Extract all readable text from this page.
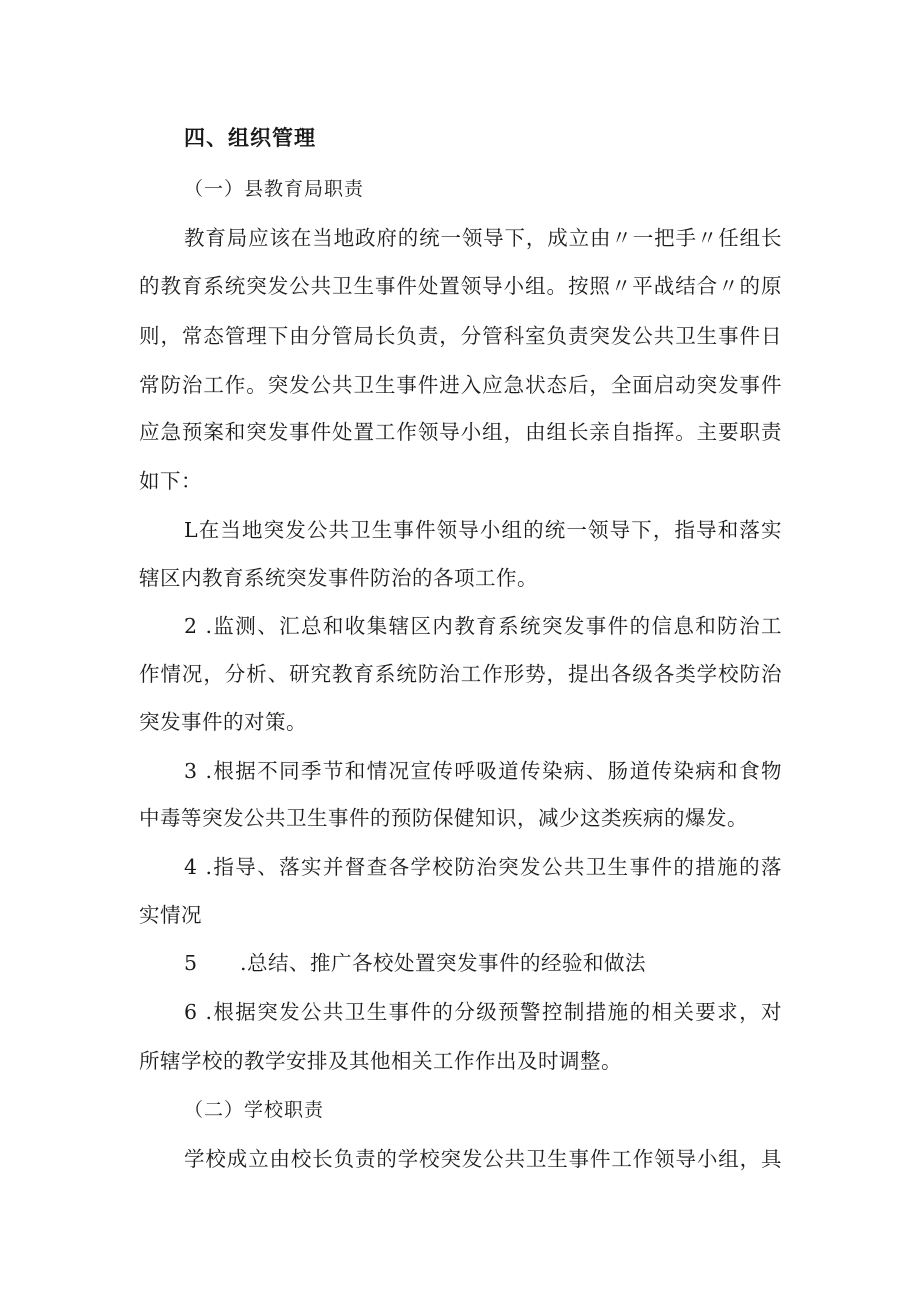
四、组织管理
（一）县教育局职责
教育局应该在当地政府的统一领导下，成立由〃一把手〃任组长
的教育系统突发公共卫生事件处置领导小组。按照〃平战结合〃的原
则，常态管理下由分管局长负责，分管科室负责突发公共卫生事件日
常防治工作。突发公共卫生事件进入应急状态后，全面启动突发事件
应急预案和突发事件处置工作领导小组，由组长亲自指挥。主要职责
如下：
L在当地突发公共卫生事件领导小组的统一领导下，指导和落实
辖区内教育系统突发事件防治的各项工作。
2 .监测、汇总和收集辖区内教育系统突发事件的信息和防治工
作情况，分析、研究教育系统防治工作形势，提出各级各类学校防治
突发事件的对策。
3 .根据不同季节和情况宣传呼吸道传染病、肠道传染病和食物
中毒等突发公共卫生事件的预防保健知识，减少这类疾病的爆发。
4 .指导、落实并督查各学校防治突发公共卫生事件的措施的落
实情况
5 .总结、推广各校处置突发事件的经验和做法
6 .根据突发公共卫生事件的分级预警控制措施的相关要求，对
所辖学校的教学安排及其他相关工作作出及时调整。
（二）学校职责
学校成立由校长负责的学校突发公共卫生事件工作领导小组，具
